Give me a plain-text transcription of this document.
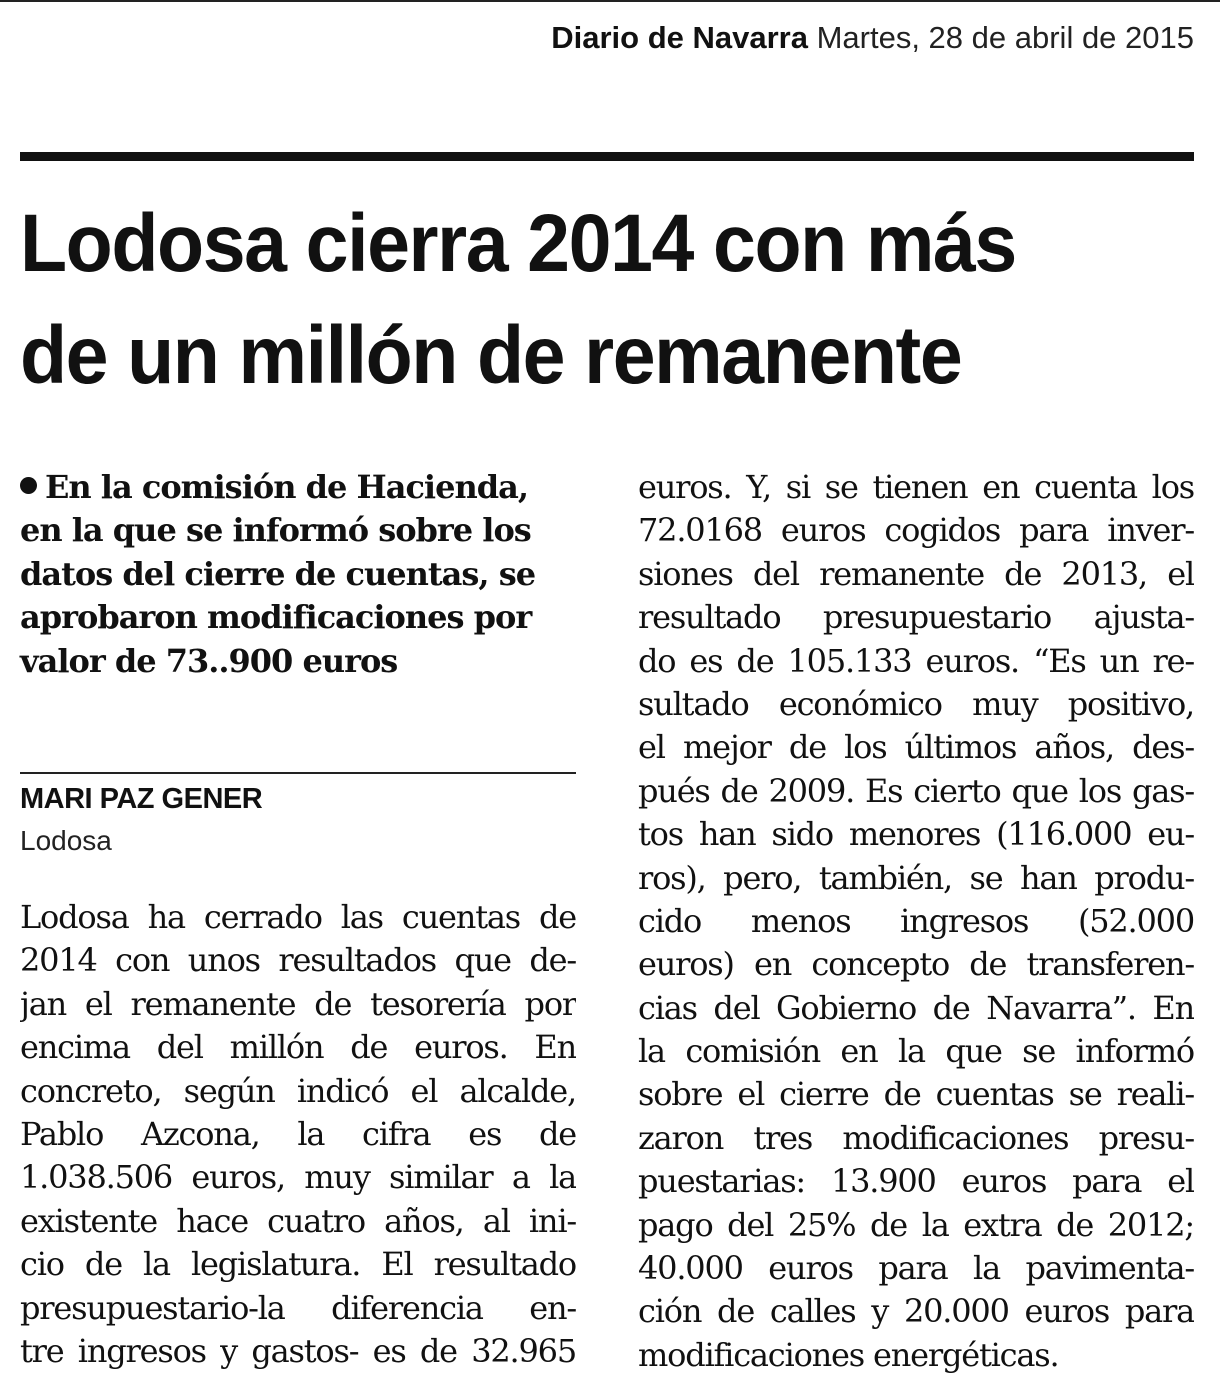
Diario de Navarra Martes, 28 de abril de 2015
Lodosa cierra 2014 con más
de un millón de remanente

En la comisión de Hacienda,
en la que se informó sobre los
datos del cierre de cuentas, se
aprobaron modificaciones por
valor de 73..900 euros

MARI PAZ GENER
Lodosa
Lodosa ha cerrado las cuentas de
2014 con unos resultados que de-
jan el remanente de tesorería por
encima del millón de euros. En
concreto, según indicó el alcalde,
Pablo Azcona, la cifra es de
1.038.506 euros, muy similar a la
existente hace cuatro años, al ini-
cio de la legislatura. El resultado
presupuestario-la diferencia en-
tre ingresos y gastos- es de 32.965
euros. Y, si se tienen en cuenta los
72.0168 euros cogidos para inver-
siones del remanente de 2013, el
resultado presupuestario ajusta-
do es de 105.133 euros. “Es un re-
sultado económico muy positivo,
el mejor de los últimos años, des-
pués de 2009. Es cierto que los gas-
tos han sido menores (116.000 eu-
ros), pero, también, se han produ-
cido menos ingresos (52.000
euros) en concepto de transferen-
cias del Gobierno de Navarra”. En
la comisión en la que se informó
sobre el cierre de cuentas se reali-
zaron tres modificaciones presu-
puestarias: 13.900 euros para el
pago del 25% de la extra de 2012;
40.000 euros para la pavimenta-
ción de calles y 20.000 euros para
modificaciones energéticas.
